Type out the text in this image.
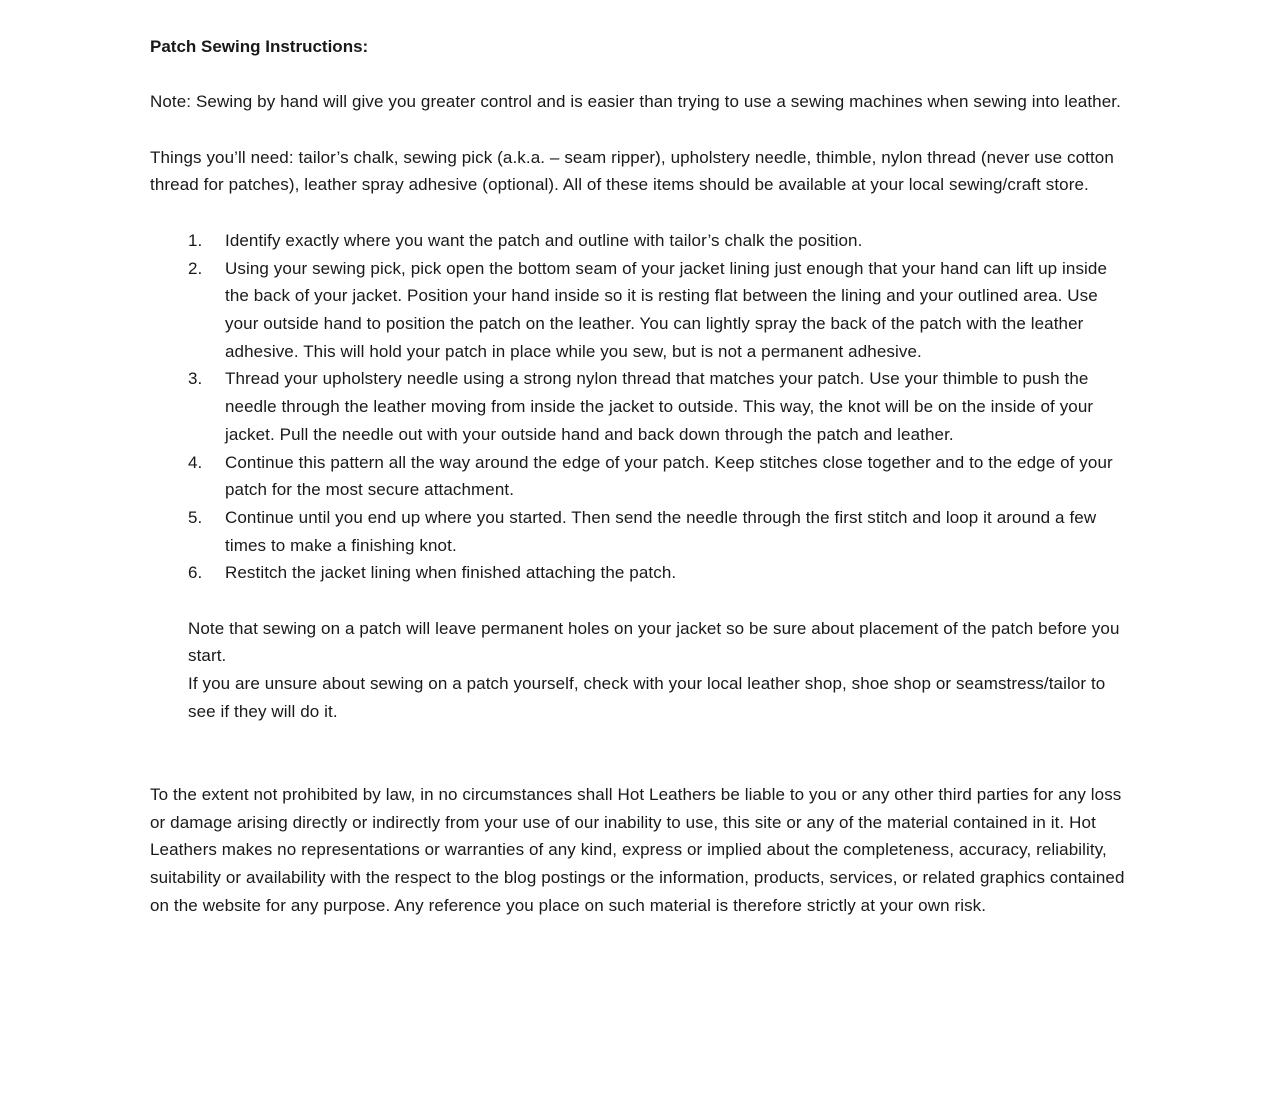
Patch Sewing Instructions:

Note: Sewing by hand will give you greater control and is easier than trying to use a sewing machines when sewing into leather.

Things you’ll need: tailor’s chalk, sewing pick (a.k.a. – seam ripper), upholstery needle, thimble, nylon thread (never use cotton thread for patches), leather spray adhesive (optional). All of these items should be available at your local sewing/craft store.

1.	Identify exactly where you want the patch and outline with tailor’s chalk the position.
2.	Using your sewing pick, pick open the bottom seam of your jacket lining just enough that your hand can lift up inside the back of your jacket. Position your hand inside so it is resting flat between the lining and your outlined area. Use your outside hand to position the patch on the leather. You can lightly spray the back of the patch with the leather adhesive. This will hold your patch in place while you sew, but is not a permanent adhesive.
3.	Thread your upholstery needle using a strong nylon thread that matches your patch. Use your thimble to push the needle through the leather moving from inside the jacket to outside. This way, the knot will be on the inside of your jacket. Pull the needle out with your outside hand and back down through the patch and leather.
4.	Continue this pattern all the way around the edge of your patch. Keep stitches close together and to the edge of your patch for the most secure attachment.
5.	Continue until you end up where you started. Then send the needle through the first stitch and loop it around a few times to make a finishing knot.
6.	Restitch the jacket lining when finished attaching the patch.

Note that sewing on a patch will leave permanent holes on your jacket so be sure about placement of the patch before you start.

If you are unsure about sewing on a patch yourself, check with your local leather shop, shoe shop or seamstress/tailor to see if they will do it.

To the extent not prohibited by law, in no circumstances shall Hot Leathers be liable to you or any other third parties for any loss or damage arising directly or indirectly from your use of our inability to use, this site or any of the material contained in it. Hot Leathers makes no representations or warranties of any kind, express or implied about the completeness, accuracy, reliability, suitability or availability with the respect to the blog postings or the information, products, services, or related graphics contained on the website for any purpose. Any reference you place on such material is therefore strictly at your own risk.
